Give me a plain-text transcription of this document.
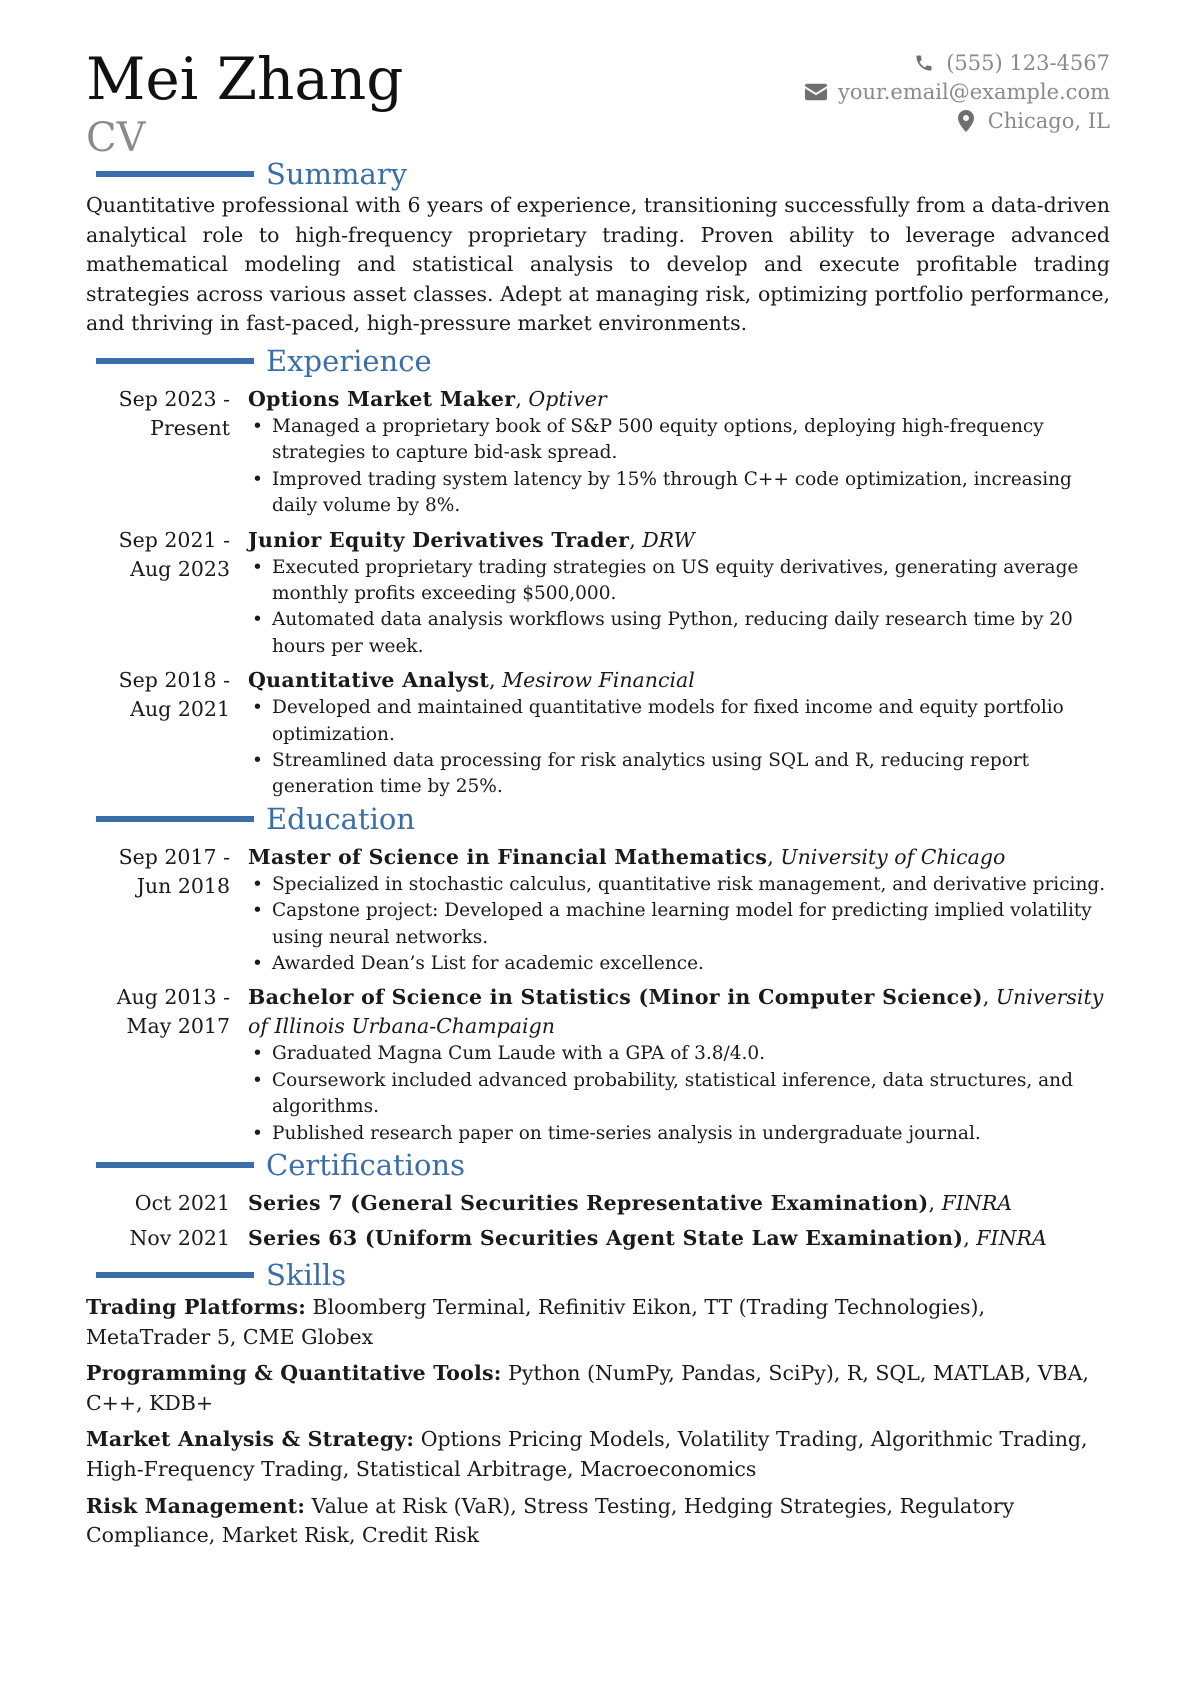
Mei Zhang
CV
(555) 123-4567
your.email@example.com
Chicago, IL
Summary

Quantitative professional with 6 years of experience, transitioning successfully from a data-driven analytical role to high-frequency proprietary trading. Proven ability to leverage advanced mathematical modeling and statistical analysis to develop and execute profitable trading strategies across various asset classes. Adept at managing risk, optimizing portfolio performance, and thriving in fast-paced, high-pressure market environments.

Experience
Sep 2023 - Present
Options Market Maker, Optiver
• Managed a proprietary book of S&P 500 equity options, deploying high-frequency strategies to capture bid-ask spread.
• Improved trading system latency by 15% through C++ code optimization, increasing daily volume by 8%.
Sep 2021 - Aug 2023
Junior Equity Derivatives Trader, DRW
• Executed proprietary trading strategies on US equity derivatives, generating average monthly profits exceeding $500,000.
• Automated data analysis workflows using Python, reducing daily research time by 20 hours per week.
Sep 2018 - Aug 2021
Quantitative Analyst, Mesirow Financial
• Developed and maintained quantitative models for fixed income and equity portfolio optimization.
• Streamlined data processing for risk analytics using SQL and R, reducing report generation time by 25%.
Education
Sep 2017 - Jun 2018
Master of Science in Financial Mathematics, University of Chicago
• Specialized in stochastic calculus, quantitative risk management, and derivative pricing.
• Capstone project: Developed a machine learning model for predicting implied volatility using neural networks.
• Awarded Dean’s List for academic excellence.
Aug 2013 - May 2017
Bachelor of Science in Statistics (Minor in Computer Science), University of Illinois Urbana-Champaign
• Graduated Magna Cum Laude with a GPA of 3.8/4.0.
• Coursework included advanced probability, statistical inference, data structures, and algorithms.
• Published research paper on time-series analysis in undergraduate journal.
Certifications
Oct 2021 Series 7 (General Securities Representative Examination), FINRA
Nov 2021 Series 63 (Uniform Securities Agent State Law Examination), FINRA
Skills

Trading Platforms: Bloomberg Terminal, Refinitiv Eikon, TT (Trading Technologies), MetaTrader 5, CME Globex

Programming & Quantitative Tools: Python (NumPy, Pandas, SciPy), R, SQL, MATLAB, VBA, C++, KDB+

Market Analysis & Strategy: Options Pricing Models, Volatility Trading, Algorithmic Trading, High-Frequency Trading, Statistical Arbitrage, Macroeconomics

Risk Management: Value at Risk (VaR), Stress Testing, Hedging Strategies, Regulatory Compliance, Market Risk, Credit Risk
